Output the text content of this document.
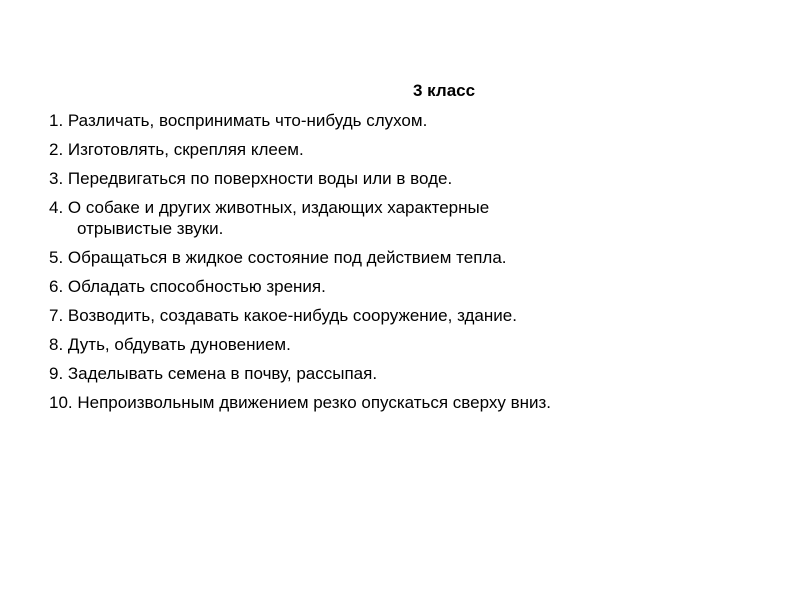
3 класс
1. Различать, воспринимать что-нибудь слухом.
2. Изготовлять, скрепляя клеем.
3. Передвигаться по поверхности воды или в воде.
4. О собаке и других животных, издающих характерные
отрывистые звуки.
5. Обращаться в жидкое состояние под действием тепла.
6. Обладать способностью зрения.
7. Возводить, создавать какое-нибудь сооружение, здание.
8. Дуть, обдувать дуновением.
9. Заделывать семена в почву, рассыпая.
10. Непроизвольным движением резко опускаться сверху вниз.
